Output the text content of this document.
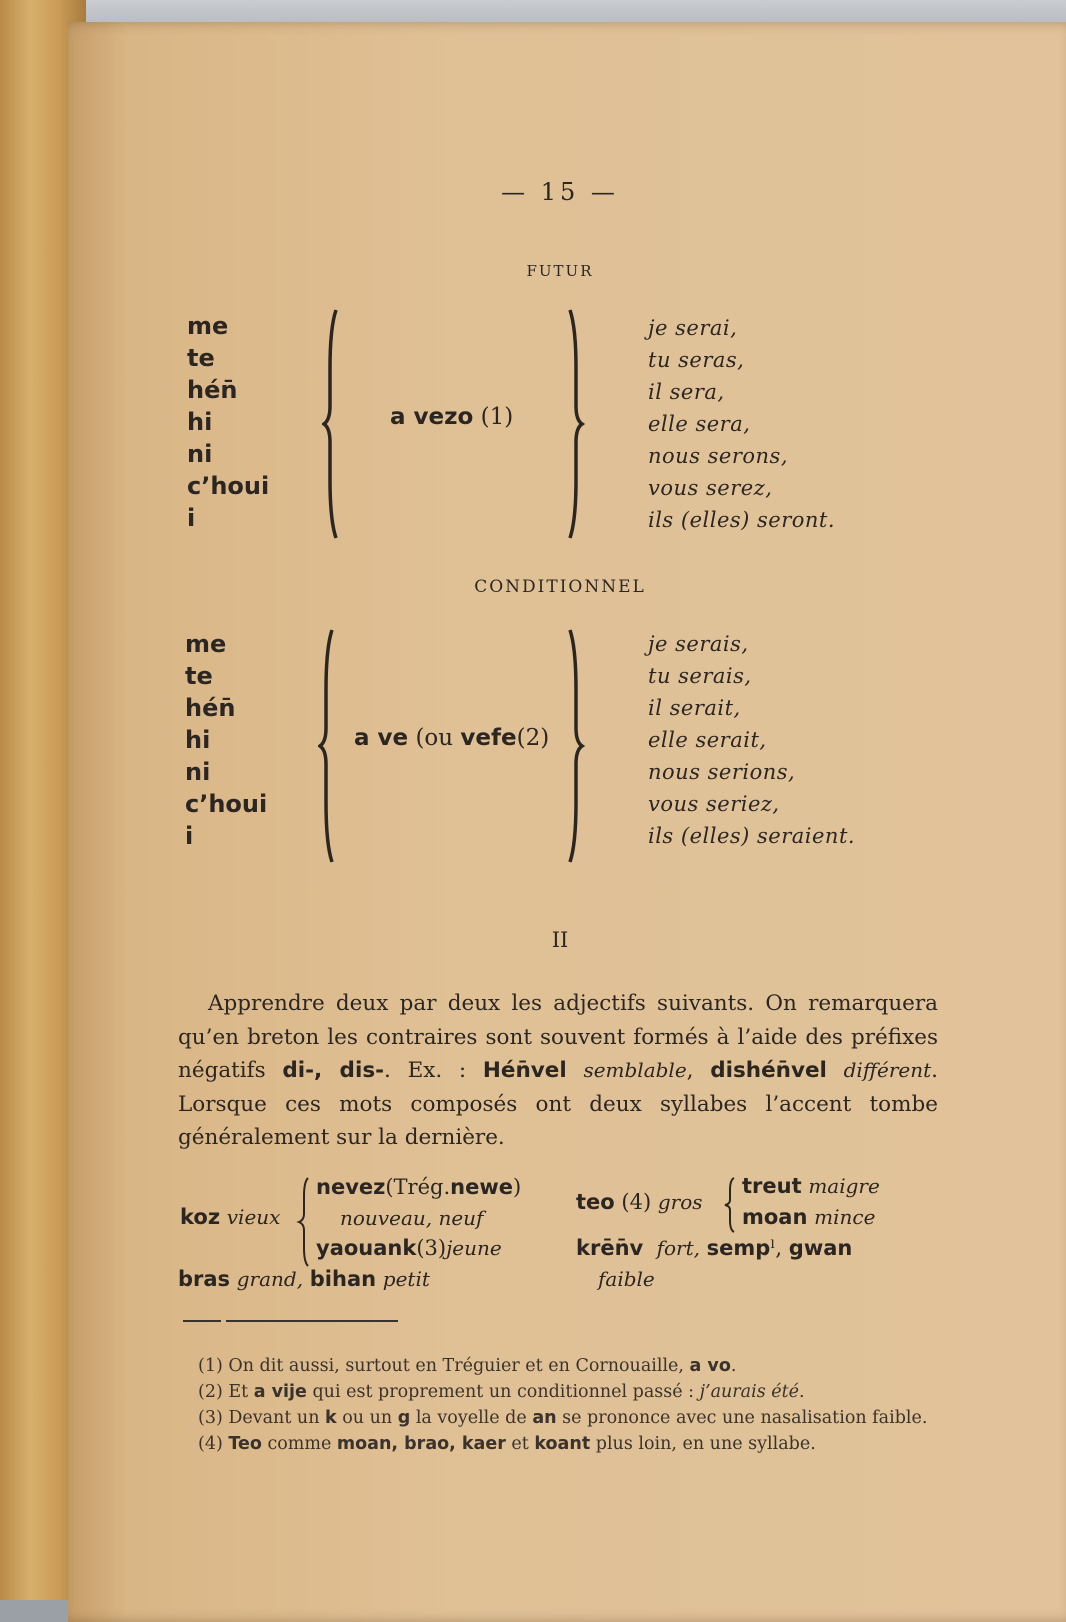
— 15 —
FUTUR
me
te
hén̄
hi
ni
c’houi
i
a vezo (1)
je serai,
tu seras,
il sera,
elle sera,
nous serons,
vous serez,
ils (elles) seront.
CONDITIONNEL
me
te
hén̄
hi
ni
c’houi
i
a ve (ou vefe(2)
je serais,
tu serais,
il serait,
elle serait,
nous serions,
vous seriez,
ils (elles) seraient.
II

Apprendre deux par deux les adjectifs suivants. On remarquera qu’en breton les contraires sont souvent formés à l’aide des préfixes négatifs di-, dis-. Ex. : Hén̄vel semblable, dishén̄vel différent. Lorsque ces mots composés ont deux syllabes l’accent tombe généralement sur la dernière.

koz vieux
nevez(Trég.newe)
nouveau, neuf
yaouank(3)jeune
bras grand, bihan petit
teo (4) gros
treut maigre
moan mince
krēn̄v fort, sempˡ, gwan
faible
(1) On dit aussi, surtout en Tréguier et en Cornouaille, a vo.
(2) Et a vije qui est proprement un conditionnel passé : j’aurais été.
(3) Devant un k ou un g la voyelle de an se prononce avec une nasalisation faible.
(4) Teo comme moan, brao, kaer et koant plus loin, en une syllabe.
